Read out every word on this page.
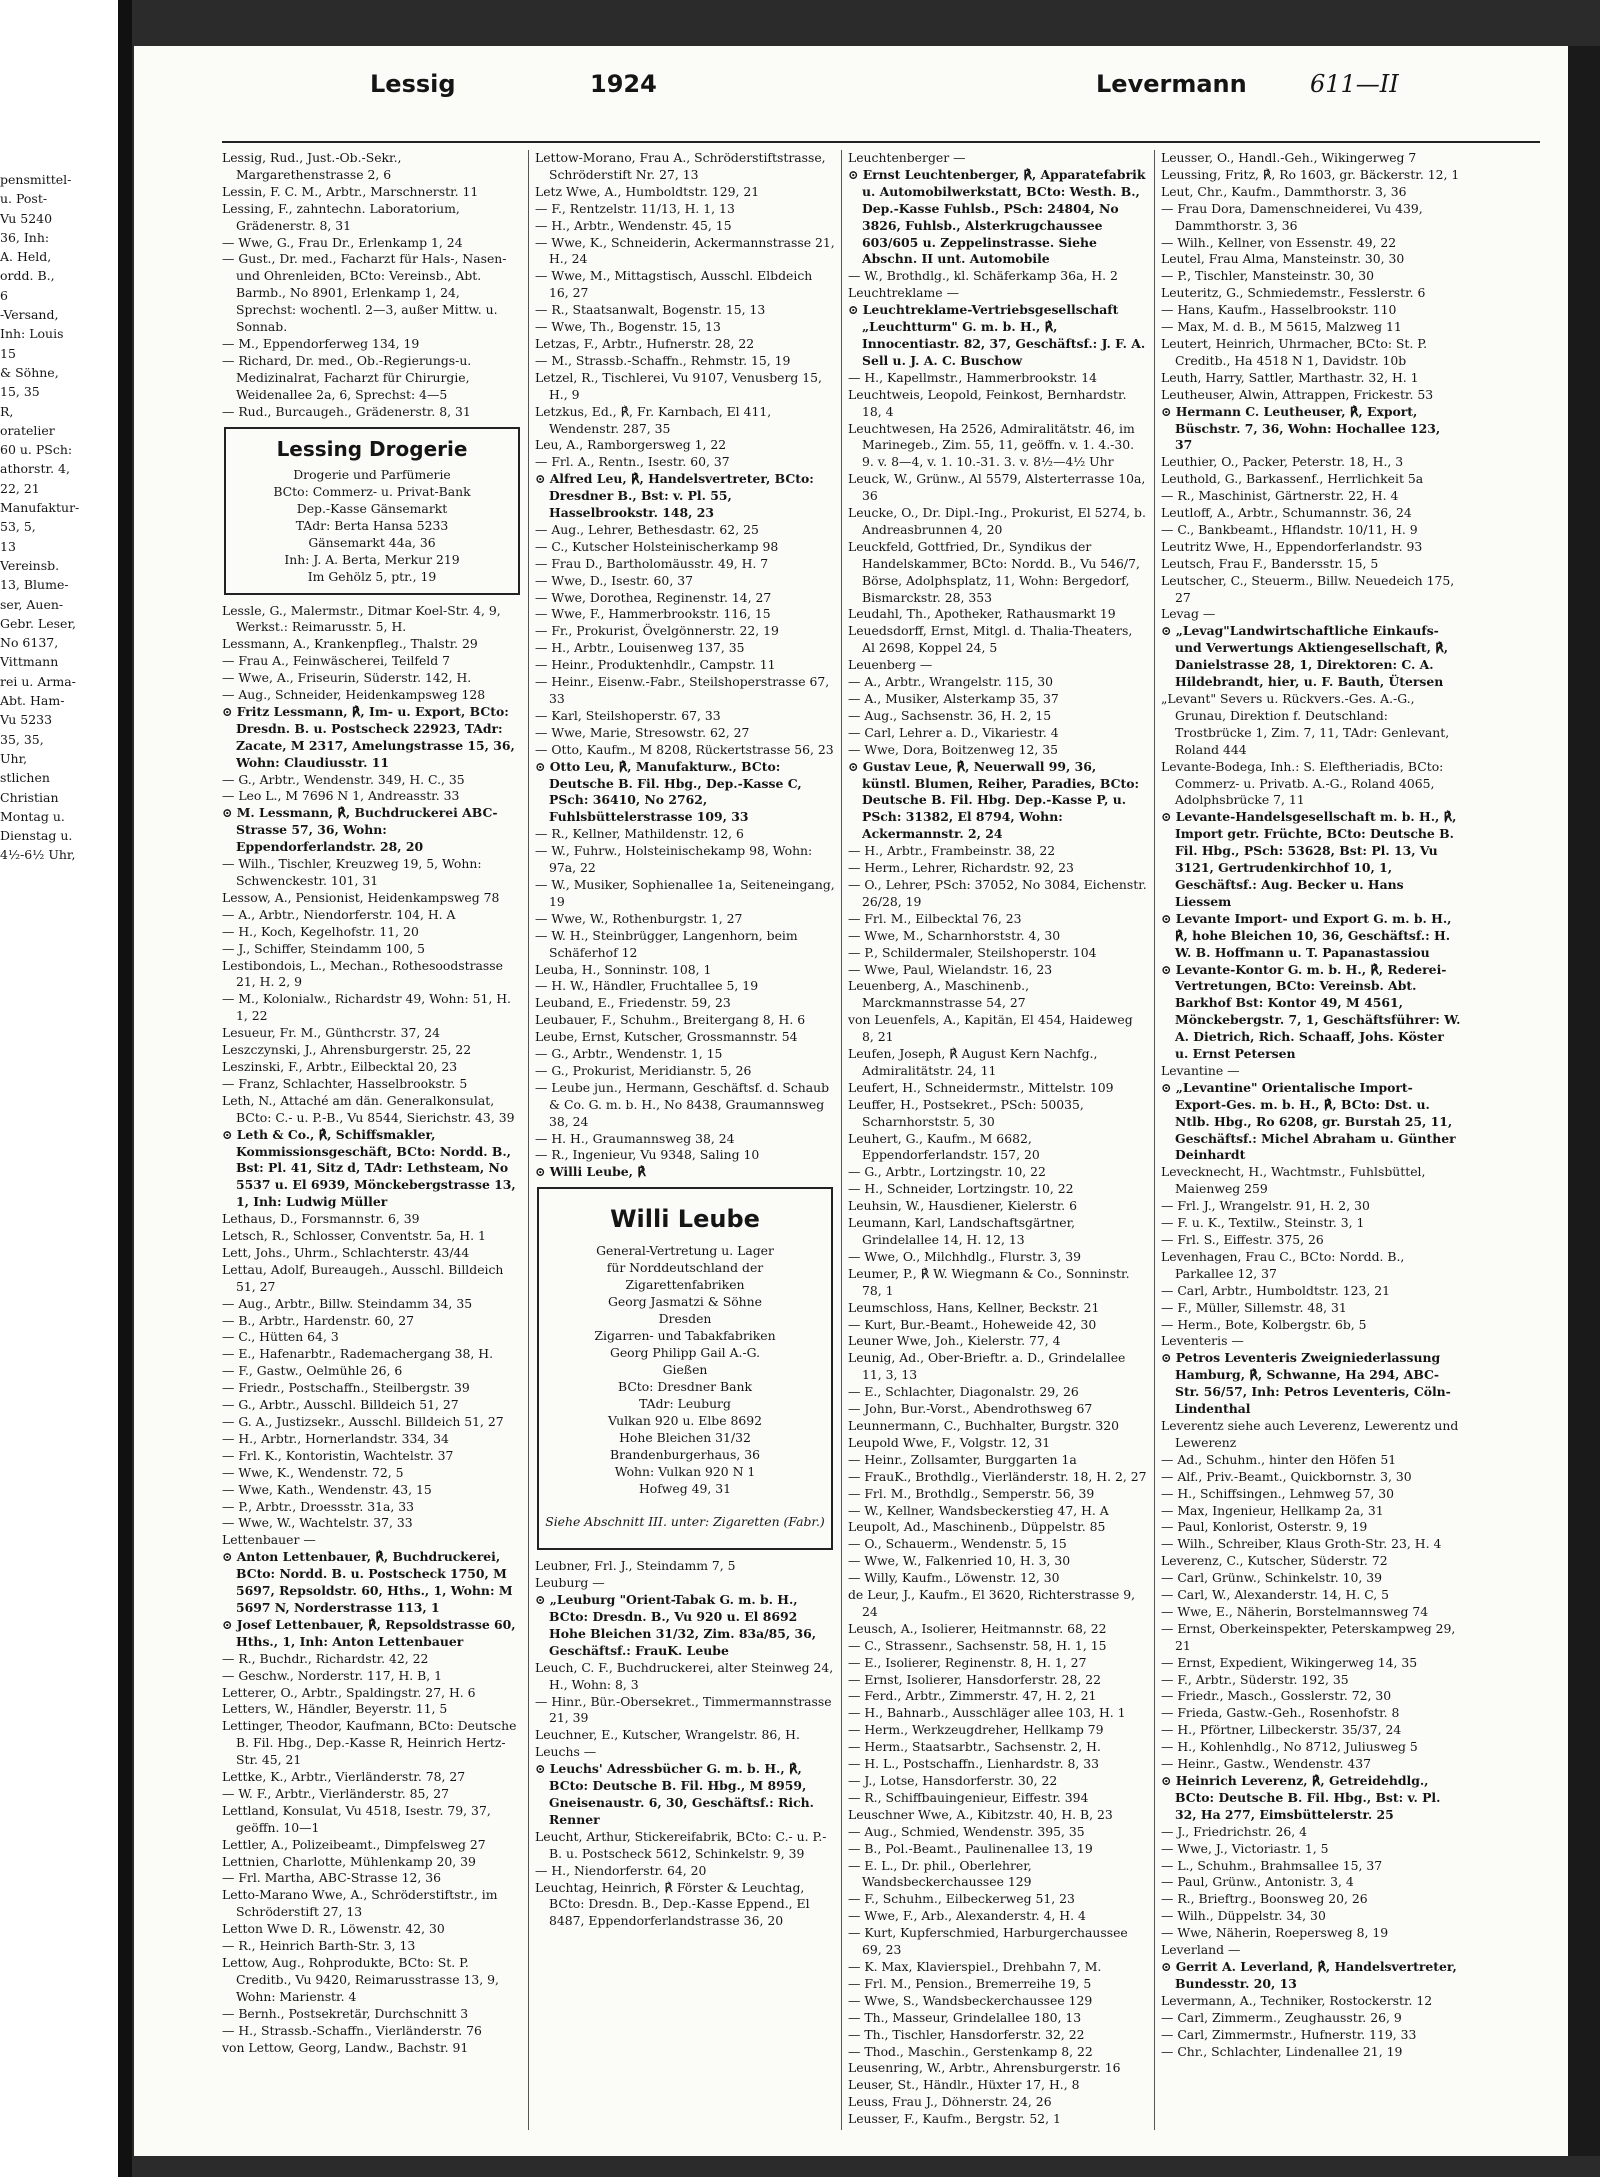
pensmittel-
u. Post-
Vu 5240
36, Inh:
A. Held,
ordd. B.,
6
-Versand,
Inh: Louis
15
& Söhne,
15, 35
R,
oratelier
60 u. PSch:
athorstr. 4,
22, 21
Manufaktur-
53, 5,
13
Vereinsb.
13, Blume-
ser, Auen-
Gebr. Leser,
No 6137,
Vittmann
rei u. Arma-
Abt. Ham-
Vu 5233
35, 35,
Uhr,
stlichen
Christian
Montag u.
Dienstag u.
4½-6½ Uhr,
Lessig	1924	Levermann	611—II
Lessig, Rud., Just.-Ob.-Sekr., Margarethenstrasse 2, 6
Lessin, F. C. M., Arbtr., Marschnerstr. 11
Lessing, F., zahntechn. Laboratorium, Grädenerstr. 8, 31
— Wwe, G., Frau Dr., Erlenkamp 1, 24
— Gust., Dr. med., Facharzt für Hals-, Nasen- und Ohrenleiden, BCto: Vereinsb., Abt. Barmb., No 8901, Erlenkamp 1, 24, Sprechst: wochentl. 2—3, außer Mittw. u. Sonnab.
— M., Eppendorferweg 134, 19
— Richard, Dr. med., Ob.-Regierungs-u. Medizinalrat, Facharzt für Chirurgie, Weidenallee 2a, 6, Sprechst: 4—5
— Rud., Burcaugeh., Grädenerstr. 8, 31
Lessing Drogerie
Drogerie und Parfümerie
BCto: Commerz- u. Privat-Bank
Dep.-Kasse Gänsemarkt
TAdr: Berta Hansa 5233
Gänsemarkt 44a, 36
Inh: J. A. Berta, Merkur 219
Im Gehölz 5, ptr., 19
Lessle, G., Malermstr., Ditmar Koel-Str. 4, 9, Werkst.: Reimarusstr. 5, H.
Lessmann, A., Krankenpfleg., Thalstr. 29
— Frau A., Feinwäscherei, Teilfeld 7
— Wwe, A., Friseurin, Süderstr. 142, H.
— Aug., Schneider, Heidenkampsweg 128
⊙ Fritz Lessmann, ℟, Im- u. Export, BCto: Dresdn. B. u. Postscheck 22923, TAdr: Zacate, M 2317, Amelungstrasse 15, 36, Wohn: Claudiusstr. 11
— G., Arbtr., Wendenstr. 349, H. C., 35
— Leo L., M 7696 N 1, Andreasstr. 33
⊙ M. Lessmann, ℟, Buchdruckerei ABC-Strasse 57, 36, Wohn: Eppendorferlandstr. 28, 20
— Wilh., Tischler, Kreuzweg 19, 5, Wohn: Schwenckestr. 101, 31
Lessow, A., Pensionist, Heidenkampsweg 78
— A., Arbtr., Niendorferstr. 104, H. A
— H., Koch, Kegelhofstr. 11, 20
— J., Schiffer, Steindamm 100, 5
Lestibondois, L., Mechan., Rothesoodstrasse 21, H. 2, 9
— M., Kolonialw., Richardstr 49, Wohn: 51, H. 1, 22
Lesueur, Fr. M., Günthcrstr. 37, 24
Leszczynski, J., Ahrensburgerstr. 25, 22
Leszinski, F., Arbtr., Eilbecktal 20, 23
— Franz, Schlachter, Hasselbrookstr. 5
Leth, N., Attaché am dän. Generalkonsulat, BCto: C.- u. P.-B., Vu 8544, Sierichstr. 43, 39
⊙ Leth & Co., ℟, Schiffsmakler, Kommissionsgeschäft, BCto: Nordd. B., Bst: Pl. 41, Sitz d, TAdr: Lethsteam, No 5537 u. El 6939, Mönckebergstrasse 13, 1, Inh: Ludwig Müller
Lethaus, D., Forsmannstr. 6, 39
Letsch, R., Schlosser, Conventstr. 5a, H. 1
Lett, Johs., Uhrm., Schlachterstr. 43/44
Lettau, Adolf, Bureaugeh., Ausschl. Billdeich 51, 27
— Aug., Arbtr., Billw. Steindamm 34, 35
— B., Arbtr., Hardenstr. 60, 27
— C., Hütten 64, 3
— E., Hafenarbtr., Rademachergang 38, H.
— F., Gastw., Oelmühle 26, 6
— Friedr., Postschaffn., Steilbergstr. 39
— G., Arbtr., Ausschl. Billdeich 51, 27
— G. A., Justizsekr., Ausschl. Billdeich 51, 27
— H., Arbtr., Hornerlandstr. 334, 34
— Frl. K., Kontoristin, Wachtelstr. 37
— Wwe, K., Wendenstr. 72, 5
— Wwe, Kath., Wendenstr. 43, 15
— P., Arbtr., Droessstr. 31a, 33
— Wwe, W., Wachtelstr. 37, 33
Lettenbauer —
⊙ Anton Lettenbauer, ℟, Buchdruckerei, BCto: Nordd. B. u. Postscheck 1750, M 5697, Repsoldstr. 60, Hths., 1, Wohn: M 5697 N, Norderstrasse 113, 1
⊙ Josef Lettenbauer, ℟, Repsoldstrasse 60, Hths., 1, Inh: Anton Lettenbauer
— R., Buchdr., Richardstr. 42, 22
— Geschw., Norderstr. 117, H. B, 1
Letterer, O., Arbtr., Spaldingstr. 27, H. 6
Letters, W., Händler, Beyerstr. 11, 5
Lettinger, Theodor, Kaufmann, BCto: Deutsche B. Fil. Hbg., Dep.-Kasse R, Heinrich Hertz-Str. 45, 21
Lettke, K., Arbtr., Vierländerstr. 78, 27
— W. F., Arbtr., Vierländerstr. 85, 27
Lettland, Konsulat, Vu 4518, Isestr. 79, 37, geöffn. 10—1
Lettler, A., Polizeibeamt., Dimpfelsweg 27
Lettnien, Charlotte, Mühlenkamp 20, 39
— Frl. Martha, ABC-Strasse 12, 36
Letto-Marano Wwe, A., Schröderstiftstr., im Schröderstift 27, 13
Letton Wwe D. R., Löwenstr. 42, 30
— R., Heinrich Barth-Str. 3, 13
Lettow, Aug., Rohprodukte, BCto: St. P. Creditb., Vu 9420, Reimarusstrasse 13, 9, Wohn: Marienstr. 4
— Bernh., Postsekretär, Durchschnitt 3
— H., Strassb.-Schaffn., Vierländerstr. 76
von Lettow, Georg, Landw., Bachstr. 91
Lettow-Morano, Frau A., Schröderstiftstrasse, Schröderstift Nr. 27, 13
Letz Wwe, A., Humboldtstr. 129, 21
— F., Rentzelstr. 11/13, H. 1, 13
— H., Arbtr., Wendenstr. 45, 15
— Wwe, K., Schneiderin, Ackermannstrasse 21, H., 24
— Wwe, M., Mittagstisch, Ausschl. Elbdeich 16, 27
— R., Staatsanwalt, Bogenstr. 15, 13
— Wwe, Th., Bogenstr. 15, 13
Letzas, F., Arbtr., Hufnerstr. 28, 22
— M., Strassb.-Schaffn., Rehmstr. 15, 19
Letzel, R., Tischlerei, Vu 9107, Venusberg 15, H., 9
Letzkus, Ed., ℟, Fr. Karnbach, El 411, Wendenstr. 287, 35
Leu, A., Ramborgersweg 1, 22
— Frl. A., Rentn., Isestr. 60, 37
⊙ Alfred Leu, ℟, Handelsvertreter, BCto: Dresdner B., Bst: v. Pl. 55, Hasselbrookstr. 148, 23
— Aug., Lehrer, Bethesdastr. 62, 25
— C., Kutscher Holsteinischerkamp 98
— Frau D., Bartholomäusstr. 49, H. 7
— Wwe, D., Isestr. 60, 37
— Wwe, Dorothea, Reginenstr. 14, 27
— Wwe, F., Hammerbrookstr. 116, 15
— Fr., Prokurist, Övelgönnerstr. 22, 19
— H., Arbtr., Louisenweg 137, 35
— Heinr., Produktenhdlr., Campstr. 11
— Heinr., Eisenw.-Fabr., Steilshoperstrasse 67, 33
— Karl, Steilshoperstr. 67, 33
— Wwe, Marie, Stresowstr. 62, 27
— Otto, Kaufm., M 8208, Rückertstrasse 56, 23
⊙ Otto Leu, ℟, Manufakturw., BCto: Deutsche B. Fil. Hbg., Dep.-Kasse C, PSch: 36410, No 2762, Fuhlsbüttelerstrasse 109, 33
— R., Kellner, Mathildenstr. 12, 6
— W., Fuhrw., Holsteinischekamp 98, Wohn: 97a, 22
— W., Musiker, Sophienallee 1a, Seiteneingang, 19
— Wwe, W., Rothenburgstr. 1, 27
— W. H., Steinbrügger, Langenhorn, beim Schäferhof 12
Leuba, H., Sonninstr. 108, 1
— H. W., Händler, Fruchtallee 5, 19
Leuband, E., Friedenstr. 59, 23
Leubauer, F., Schuhm., Breitergang 8, H. 6
Leube, Ernst, Kutscher, Grossmannstr. 54
— G., Arbtr., Wendenstr. 1, 15
— G., Prokurist, Meridianstr. 5, 26
— Leube jun., Hermann, Geschäftsf. d. Schaub & Co. G. m. b. H., No 8438, Graumannsweg 38, 24
— H. H., Graumannsweg 38, 24
— R., Ingenieur, Vu 9348, Saling 10
⊙ Willi Leube, ℟
Willi Leube
General-Vertretung u. Lager
für Norddeutschland der
Zigarettenfabriken
Georg Jasmatzi & Söhne
Dresden
Zigarren- und Tabakfabriken
Georg Philipp Gail A.-G.
Gießen
BCto: Dresdner Bank
TAdr: Leuburg
Vulkan 920 u. Elbe 8692
Hohe Bleichen 31/32
Brandenburgerhaus, 36
Wohn: Vulkan 920 N 1
Hofweg 49, 31
Siehe Abschnitt III. unter: Zigaretten (Fabr.)
Leubner, Frl. J., Steindamm 7, 5
Leuburg —
⊙ „Leuburg "Orient-Tabak G. m. b. H., BCto: Dresdn. B., Vu 920 u. El 8692 Hohe Bleichen 31/32, Zim. 83a/85, 36, Geschäftsf.: FrauK. Leube
Leuch, C. F., Buchdruckerei, alter Steinweg 24, H., Wohn: 8, 3
— Hinr., Bür.-Obersekret., Timmermannstrasse 21, 39
Leuchner, E., Kutscher, Wrangelstr. 86, H.
Leuchs —
⊙ Leuchs' Adressbücher G. m. b. H., ℟, BCto: Deutsche B. Fil. Hbg., M 8959, Gneisenaustr. 6, 30, Geschäftsf.: Rich. Renner
Leucht, Arthur, Stickereifabrik, BCto: C.- u. P.-B. u. Postscheck 5612, Schinkelstr. 9, 39
— H., Niendorferstr. 64, 20
Leuchtag, Heinrich, ℟ Förster & Leuchtag, BCto: Dresdn. B., Dep.-Kasse Eppend., El 8487, Eppendorferlandstrasse 36, 20
Leuchtenberger —
⊙ Ernst Leuchtenberger, ℟, Apparatefabrik u. Automobilwerkstatt, BCto: Westh. B., Dep.-Kasse Fuhlsb., PSch: 24804, No 3826, Fuhlsb., Alsterkrugchaussee 603/605 u. Zeppelinstrasse. Siehe Abschn. II unt. Automobile
— W., Brothdlg., kl. Schäferkamp 36a, H. 2
Leuchtreklame —
⊙ Leuchtreklame-Vertriebsgesellschaft „Leuchtturm" G. m. b. H., ℟, Innocentiastr. 82, 37, Geschäftsf.: J. F. A. Sell u. J. A. C. Buschow
— H., Kapellmstr., Hammerbrookstr. 14
Leuchtweis, Leopold, Feinkost, Bernhardstr. 18, 4
Leuchtwesen, Ha 2526, Admiralitätstr. 46, im Marinegeb., Zim. 55, 11, geöffn. v. 1. 4.-30. 9. v. 8—4, v. 1. 10.-31. 3. v. 8½—4½ Uhr
Leuck, W., Grünw., Al 5579, Alsterterrasse 10a, 36
Leucke, O., Dr. Dipl.-Ing., Prokurist, El 5274, b. Andreasbrunnen 4, 20
Leuckfeld, Gottfried, Dr., Syndikus der Handelskammer, BCto: Nordd. B., Vu 546/7, Börse, Adolphsplatz, 11, Wohn: Bergedorf, Bismarckstr. 28, 353
Leudahl, Th., Apotheker, Rathausmarkt 19
Leuedsdorff, Ernst, Mitgl. d. Thalia-Theaters, Al 2698, Koppel 24, 5
Leuenberg —
— A., Arbtr., Wrangelstr. 115, 30
— A., Musiker, Alsterkamp 35, 37
— Aug., Sachsenstr. 36, H. 2, 15
— Carl, Lehrer a. D., Vikariestr. 4
— Wwe, Dora, Boitzenweg 12, 35
⊙ Gustav Leue, ℟, Neuerwall 99, 36, künstl. Blumen, Reiher, Paradies, BCto: Deutsche B. Fil. Hbg. Dep.-Kasse P, u. PSch: 31382, El 8794, Wohn: Ackermannstr. 2, 24
— H., Arbtr., Frambeinstr. 38, 22
— Herm., Lehrer, Richardstr. 92, 23
— O., Lehrer, PSch: 37052, No 3084, Eichenstr. 26/28, 19
— Frl. M., Eilbecktal 76, 23
— Wwe, M., Scharnhorststr. 4, 30
— P., Schildermaler, Steilshoperstr. 104
— Wwe, Paul, Wielandstr. 16, 23
Leuenberg, A., Maschinenb., Marckmannstrasse 54, 27
von Leuenfels, A., Kapitän, El 454, Haideweg 8, 21
Leufen, Joseph, ℟ August Kern Nachfg., Admiralitätstr. 24, 11
Leufert, H., Schneidermstr., Mittelstr. 109
Leuffer, H., Postsekret., PSch: 50035, Scharnhorststr. 5, 30
Leuhert, G., Kaufm., M 6682, Eppendorferlandstr. 157, 20
— G., Arbtr., Lortzingstr. 10, 22
— H., Schneider, Lortzingstr. 10, 22
Leuhsin, W., Hausdiener, Kielerstr. 6
Leumann, Karl, Landschaftsgärtner, Grindelallee 14, H. 12, 13
— Wwe, O., Milchhdlg., Flurstr. 3, 39
Leumer, P., ℟ W. Wiegmann & Co., Sonninstr. 78, 1
Leumschloss, Hans, Kellner, Beckstr. 21
— Kurt, Bur.-Beamt., Hoheweide 42, 30
Leuner Wwe, Joh., Kielerstr. 77, 4
Leunig, Ad., Ober-Brieftr. a. D., Grindelallee 11, 3, 13
— E., Schlachter, Diagonalstr. 29, 26
— John, Bur.-Vorst., Abendrothsweg 67
Leunnermann, C., Buchhalter, Burgstr. 320
Leupold Wwe, F., Volgstr. 12, 31
— Heinr., Zollsamter, Burggarten 1a
— FrauK., Brothdlg., Vierländerstr. 18, H. 2, 27
— Frl. M., Brothdlg., Semperstr. 56, 39
— W., Kellner, Wandsbeckerstieg 47, H. A
Leupolt, Ad., Maschinenb., Düppelstr. 85
— O., Schauerm., Wendenstr. 5, 15
— Wwe, W., Falkenried 10, H. 3, 30
— Willy, Kaufm., Löwenstr. 12, 30
de Leur, J., Kaufm., El 3620, Richterstrasse 9, 24
Leusch, A., Isolierer, Heitmannstr. 68, 22
— C., Strassenr., Sachsenstr. 58, H. 1, 15
— E., Isolierer, Reginenstr. 8, H. 1, 27
— Ernst, Isolierer, Hansdorferstr. 28, 22
— Ferd., Arbtr., Zimmerstr. 47, H. 2, 21
— H., Bahnarb., Ausschläger allee 103, H. 1
— Herm., Werkzeugdreher, Hellkamp 79
— Herm., Staatsarbtr., Sachsenstr. 2, H.
— H. L., Postschaffn., Lienhardstr. 8, 33
— J., Lotse, Hansdorferstr. 30, 22
— R., Schiffbauingenieur, Eiffestr. 394
Leuschner Wwe, A., Kibitzstr. 40, H. B, 23
— Aug., Schmied, Wendenstr. 395, 35
— B., Pol.-Beamt., Paulinenallee 13, 19
— E. L., Dr. phil., Oberlehrer, Wandsbeckerchaussee 129
— F., Schuhm., Eilbeckerweg 51, 23
— Wwe, F., Arb., Alexanderstr. 4, H. 4
— Kurt, Kupferschmied, Harburgerchaussee 69, 23
— K. Max, Klavierspiel., Drehbahn 7, M.
— Frl. M., Pension., Bremerreihe 19, 5
— Wwe, S., Wandsbeckerchaussee 129
— Th., Masseur, Grindelallee 180, 13
— Th., Tischler, Hansdorferstr. 32, 22
— Thod., Maschin., Gerstenkamp 8, 22
Leusenring, W., Arbtr., Ahrensburgerstr. 16
Leuser, St., Händlr., Hüxter 17, H., 8
Leuss, Frau J., Döhnerstr. 24, 26
Leusser, F., Kaufm., Bergstr. 52, 1
Leusser, O., Handl.-Geh., Wikingerweg 7
Leussing, Fritz, ℟, Ro 1603, gr. Bäckerstr. 12, 1
Leut, Chr., Kaufm., Dammthorstr. 3, 36
— Frau Dora, Damenschneiderei, Vu 439, Dammthorstr. 3, 36
— Wilh., Kellner, von Essenstr. 49, 22
Leutel, Frau Alma, Mansteinstr. 30, 30
— P., Tischler, Mansteinstr. 30, 30
Leuteritz, G., Schmiedemstr., Fesslerstr. 6
— Hans, Kaufm., Hasselbrookstr. 110
— Max, M. d. B., M 5615, Malzweg 11
Leutert, Heinrich, Uhrmacher, BCto: St. P. Creditb., Ha 4518 N 1, Davidstr. 10b
Leuth, Harry, Sattler, Marthastr. 32, H. 1
Leutheuser, Alwin, Attrappen, Frickestr. 53
⊙ Hermann C. Leutheuser, ℟, Export, Büschstr. 7, 36, Wohn: Hochallee 123, 37
Leuthier, O., Packer, Peterstr. 18, H., 3
Leuthold, G., Barkassenf., Herrlichkeit 5a
— R., Maschinist, Gärtnerstr. 22, H. 4
Leutloff, A., Arbtr., Schumannstr. 36, 24
— C., Bankbeamt., Hflandstr. 10/11, H. 9
Leutritz Wwe, H., Eppendorferlandstr. 93
Leutsch, Frau F., Bandersstr. 15, 5
Leutscher, C., Steuerm., Billw. Neuedeich 175, 27
Levag —
⊙ „Levag"Landwirtschaftliche Einkaufs- und Verwertungs Aktiengesellschaft, ℟, Danielstrasse 28, 1, Direktoren: C. A. Hildebrandt, hier, u. F. Bauth, Ütersen
„Levant" Severs u. Rückvers.-Ges. A.-G., Grunau, Direktion f. Deutschland: Trostbrücke 1, Zim. 7, 11, TAdr: Genlevant, Roland 444
Levante-Bodega, Inh.: S. Eleftheriadis, BCto: Commerz- u. Privatb. A.-G., Roland 4065, Adolphsbrücke 7, 11
⊙ Levante-Handelsgesellschaft m. b. H., ℟, Import getr. Früchte, BCto: Deutsche B. Fil. Hbg., PSch: 53628, Bst: Pl. 13, Vu 3121, Gertrudenkirchhof 10, 1, Geschäftsf.: Aug. Becker u. Hans Liessem
⊙ Levante Import- und Export G. m. b. H., ℟, hohe Bleichen 10, 36, Geschäftsf.: H. W. B. Hoffmann u. T. Papanastassiou
⊙ Levante-Kontor G. m. b. H., ℟, Rederei-Vertretungen, BCto: Vereinsb. Abt. Barkhof Bst: Kontor 49, M 4561, Mönckebergstr. 7, 1, Geschäftsführer: W. A. Dietrich, Rich. Schaaff, Johs. Köster u. Ernst Petersen
Levantine —
⊙ „Levantine" Orientalische Import-Export-Ges. m. b. H., ℟, BCto: Dst. u. Ntlb. Hbg., Ro 6208, gr. Burstah 25, 11, Geschäftsf.: Michel Abraham u. Günther Deinhardt
Levecknecht, H., Wachtmstr., Fuhlsbüttel, Maienweg 259
— Frl. J., Wrangelstr. 91, H. 2, 30
— F. u. K., Textilw., Steinstr. 3, 1
— Frl. S., Eiffestr. 375, 26
Levenhagen, Frau C., BCto: Nordd. B., Parkallee 12, 37
— Carl, Arbtr., Humboldtstr. 123, 21
— F., Müller, Sillemstr. 48, 31
— Herm., Bote, Kolbergstr. 6b, 5
Leventeris —
⊙ Petros Leventeris Zweigniederlassung Hamburg, ℟, Schwanne, Ha 294, ABC-Str. 56/57, Inh: Petros Leventeris, Cöln-Lindenthal
Leverentz siehe auch Leverenz, Lewerentz und Lewerenz
— Ad., Schuhm., hinter den Höfen 51
— Alf., Priv.-Beamt., Quickbornstr. 3, 30
— H., Schiffsingen., Lehmweg 57, 30
— Max, Ingenieur, Hellkamp 2a, 31
— Paul, Konlorist, Osterstr. 9, 19
— Wilh., Schreiber, Klaus Groth-Str. 23, H. 4
Leverenz, C., Kutscher, Süderstr. 72
— Carl, Grünw., Schinkelstr. 10, 39
— Carl, W., Alexanderstr. 14, H. C, 5
— Wwe, E., Näherin, Borstelmannsweg 74
— Ernst, Oberkeinspekter, Peterskampweg 29, 21
— Ernst, Expedient, Wikingerweg 14, 35
— F., Arbtr., Süderstr. 192, 35
— Friedr., Masch., Gosslerstr. 72, 30
— Frieda, Gastw.-Geh., Rosenhofstr. 8
— H., Pförtner, Lilbeckerstr. 35/37, 24
— H., Kohlenhdlg., No 8712, Juliusweg 5
— Heinr., Gastw., Wendenstr. 437
⊙ Heinrich Leverenz, ℟, Getreidehdlg., BCto: Deutsche B. Fil. Hbg., Bst: v. Pl. 32, Ha 277, Eimsbüttelerstr. 25
— J., Friedrichstr. 26, 4
— Wwe, J., Victoriastr. 1, 5
— L., Schuhm., Brahmsallee 15, 37
— Paul, Grünw., Antonistr. 3, 4
— R., Brieftrg., Boonsweg 20, 26
— Wilh., Düppelstr. 34, 30
— Wwe, Näherin, Roepersweg 8, 19
Leverland —
⊙ Gerrit A. Leverland, ℟, Handelsvertreter, Bundesstr. 20, 13
Levermann, A., Techniker, Rostockerstr. 12
— Carl, Zimmerm., Zeughausstr. 26, 9
— Carl, Zimmermstr., Hufnerstr. 119, 33
— Chr., Schlachter, Lindenallee 21, 19
